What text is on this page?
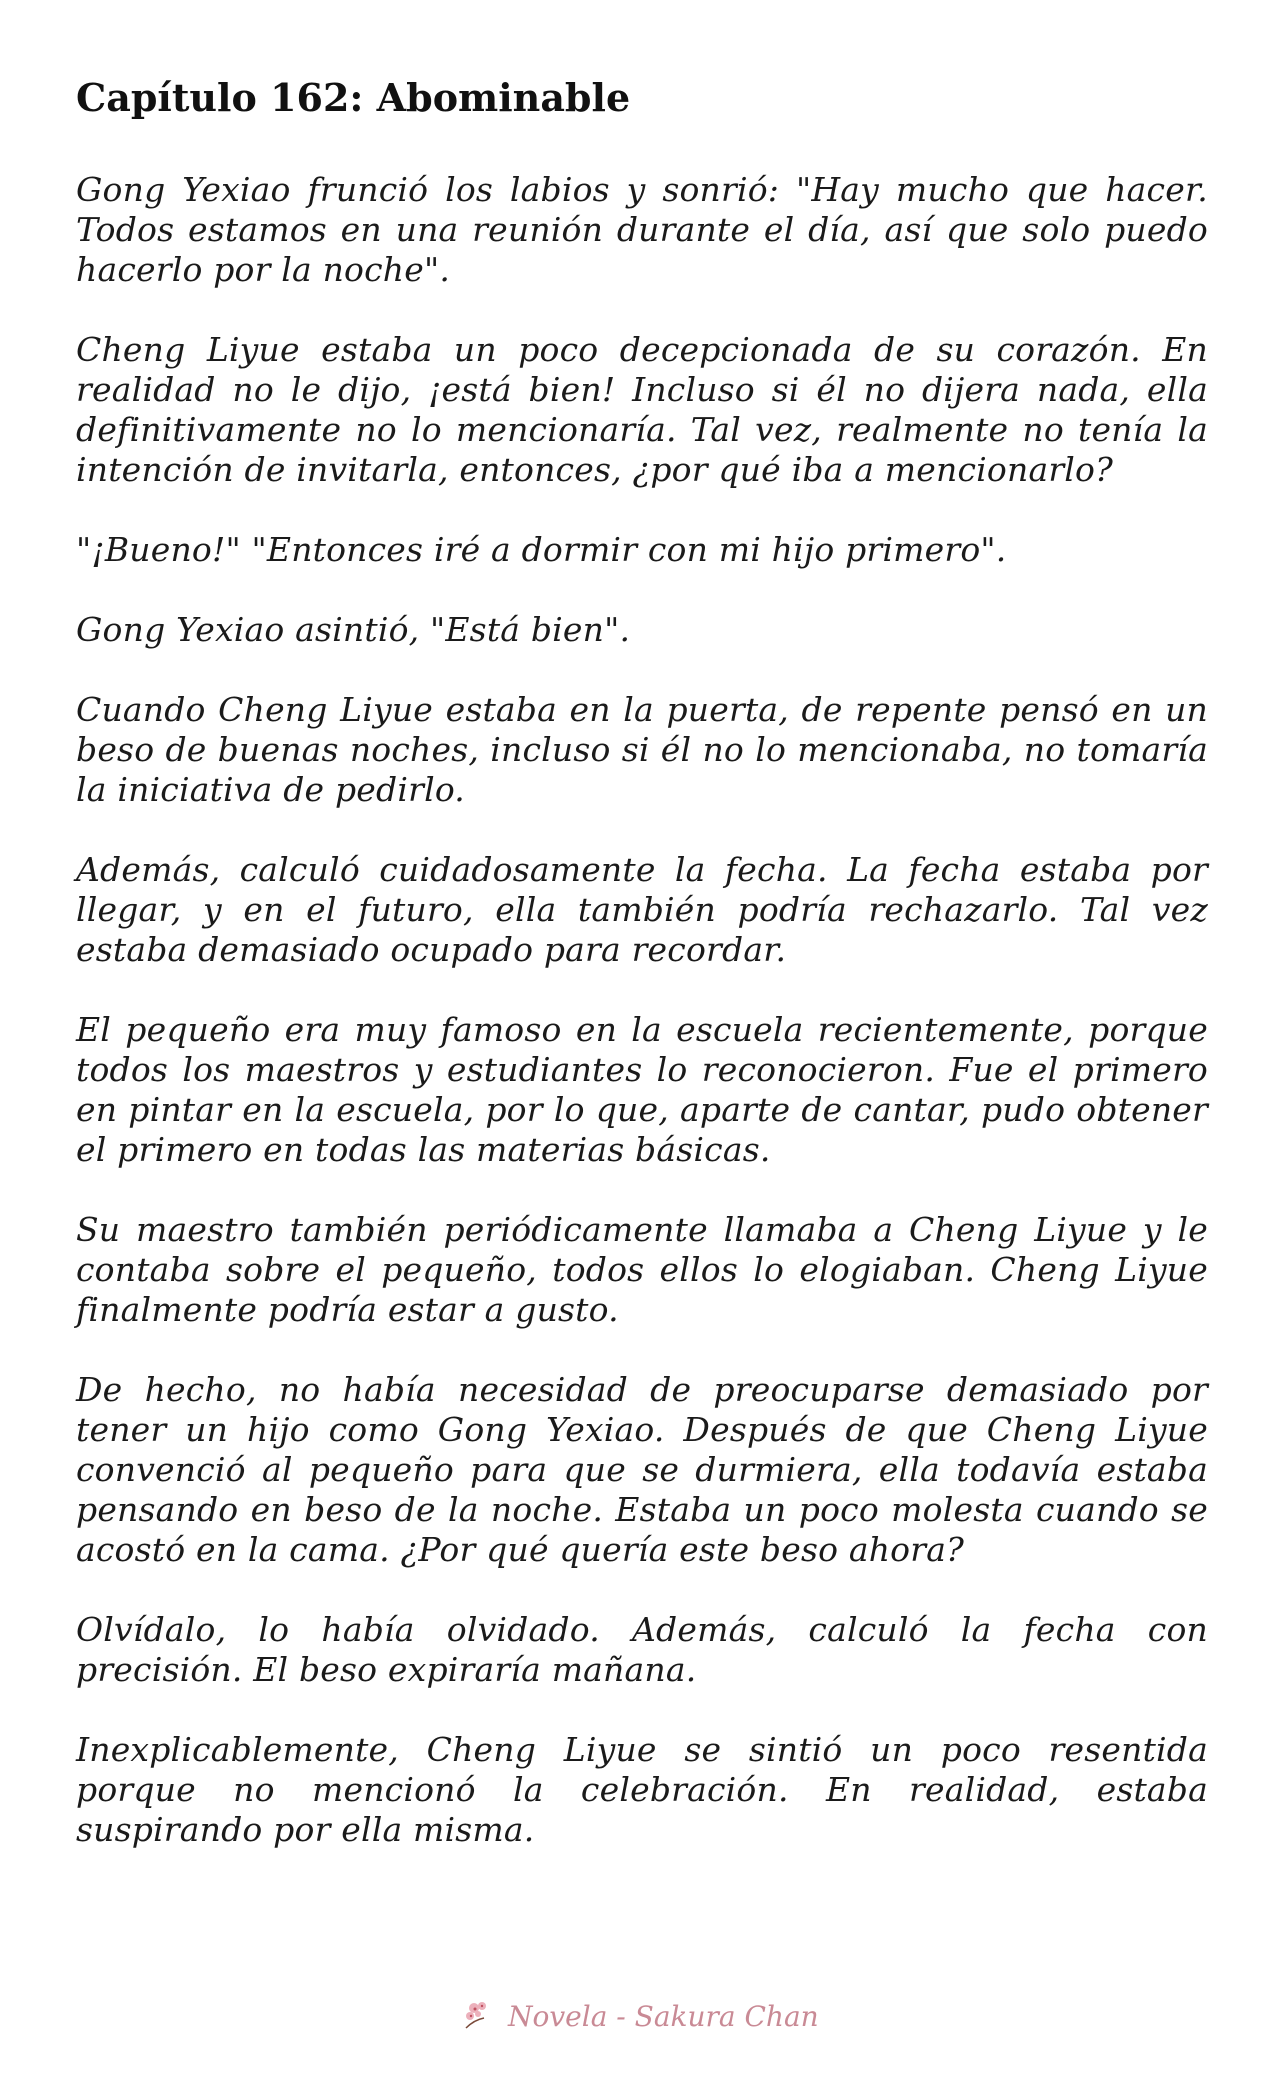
Capítulo 162: Abominable

Gong Yexiao frunció los labios y sonrió: "Hay mucho que hacer. Todos estamos en una reunión durante el día, así que solo puedo hacerlo por la noche".

Cheng Liyue estaba un poco decepcionada de su corazón. En realidad no le dijo, ¡está bien! Incluso si él no dijera nada, ella definitivamente no lo mencionaría. Tal vez, realmente no tenía la intención de invitarla, entonces, ¿por qué iba a mencionarlo?

"¡Bueno!" "Entonces iré a dormir con mi hijo primero".

Gong Yexiao asintió, "Está bien".

Cuando Cheng Liyue estaba en la puerta, de repente pensó en un beso de buenas noches, incluso si él no lo mencionaba, no tomaría la iniciativa de pedirlo.

Además, calculó cuidadosamente la fecha. La fecha estaba por llegar, y en el futuro, ella también podría rechazarlo. Tal vez estaba demasiado ocupado para recordar.

El pequeño era muy famoso en la escuela recientemente, porque todos los maestros y estudiantes lo reconocieron. Fue el primero en pintar en la escuela, por lo que, aparte de cantar, pudo obtener el primero en todas las materias básicas.

Su maestro también periódicamente llamaba a Cheng Liyue y le contaba sobre el pequeño, todos ellos lo elogiaban. Cheng Liyue finalmente podría estar a gusto.

De hecho, no había necesidad de preocuparse demasiado por tener un hijo como Gong Yexiao. Después de que Cheng Liyue convenció al pequeño para que se durmiera, ella todavía estaba pensando en beso de la noche. Estaba un poco molesta cuando se acostó en la cama. ¿Por qué quería este beso ahora?

Olvídalo, lo había olvidado. Además, calculó la fecha con precisión. El beso expiraría mañana.

Inexplicablemente, Cheng Liyue se sintió un poco resentida porque no mencionó la celebración. En realidad, estaba suspirando por ella misma.

Novela - Sakura Chan
